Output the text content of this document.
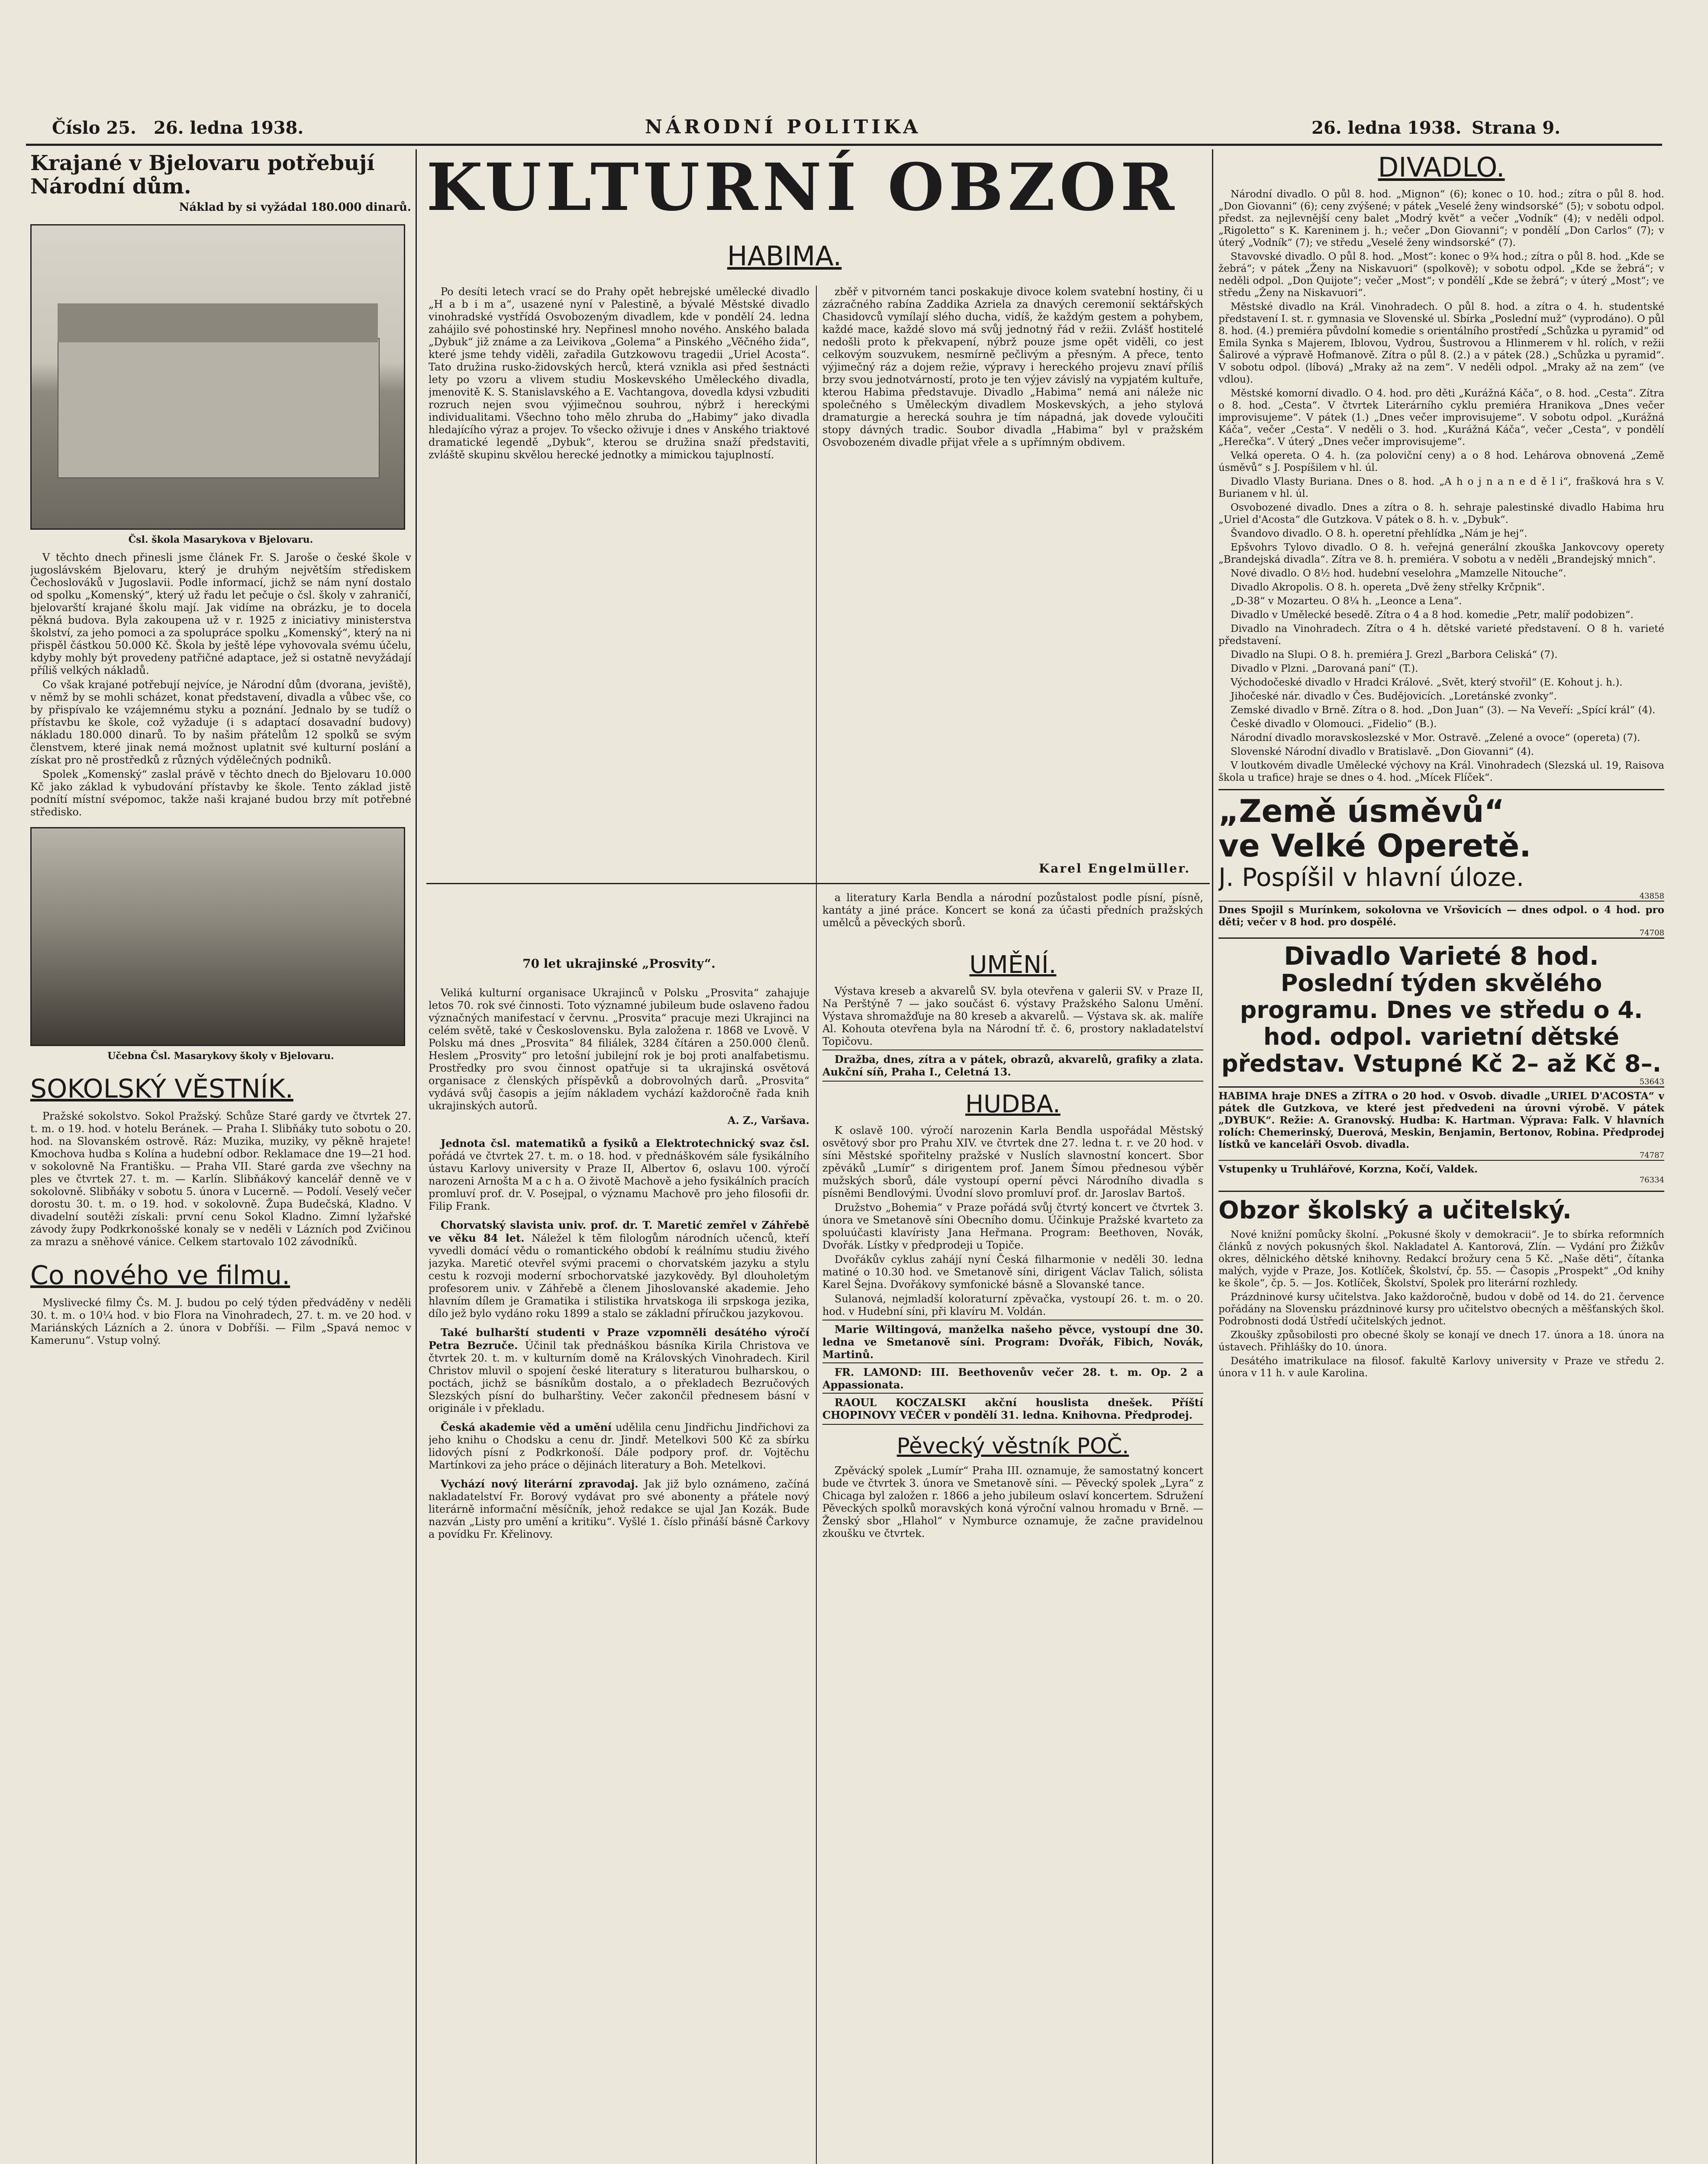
Číslo 25. 26. ledna 1938.	NÁRODNÍ POLITIKA	26. ledna 1938. Strana 9.
Krajané v Bjelovaru potřebují Národní dům.
Náklad by si vyžádal 180.000 dinarů.

Čsl. škola Masarykova v Bjelovaru.

V těchto dnech přinesli jsme článek Fr. S. Jaroše o české škole v jugoslávském Bjelovaru, který je druhým největším střediskem Čechoslováků v Jugoslavii. Podle informací, jichž se nám nyní dostalo od spolku „Komenský“, který už řadu let pečuje o čsl. školy v zahraničí, bjelovarští krajané školu mají. Jak vidíme na obrázku, je to docela pěkná budova. Byla zakoupena už v r. 1925 z iniciativy ministerstva školství, za jeho pomoci a za spolupráce spolku „Komenský“, který na ni přispěl částkou 50.000 Kč. Škola by ještě lépe vyhovovala svému účelu, kdyby mohly být provedeny patřičné adaptace, jež si ostatně nevyžádají příliš velkých nákladů.

Co však krajané potřebují nejvíce, je Národní dům (dvorana, jeviště), v němž by se mohli scházet, konat představení, divadla a vůbec vše, co by přispívalo ke vzájemnému styku a poznání. Jednalo by se tudíž o přístavbu ke škole, což vyžaduje (i s adaptací dosavadní budovy) nákladu 180.000 dinarů. To by našim přátelům 12 spolků se svým členstvem, které jinak nemá možnost uplatnit své kulturní poslání a získat pro ně prostředků z různých výdělečných podniků.

Spolek „Komenský“ zaslal právě v těchto dnech do Bjelovaru 10.000 Kč jako základ k vybudování přístavby ke škole. Tento základ jistě podnítí místní svépomoc, takže naši krajané budou brzy mít potřebné středisko.

Učebna Čsl. Masarykovy školy v Bjelovaru.

SOKOLSKÝ VĚSTNÍK.

Pražské sokolstvo. Sokol Pražský. Schůze Staré gardy ve čtvrtek 27. t. m. o 19. hod. v hotelu Beránek. — Praha I. Slibňáky tuto sobotu o 20. hod. na Slovanském ostrově. Ráz: Muzika, muziky, vy pěkně hrajete! Kmochova hudba s Kolína a hudební odbor. Reklamace dne 19—21 hod. v sokolovně Na Františku. — Praha VII. Staré garda zve všechny na ples ve čtvrtek 27. t. m. — Karlín. Slibňákový kancelář denně ve v sokolovně. Slibňáky v sobotu 5. února v Lucerně. — Podolí. Veselý večer dorostu 30. t. m. o 19. hod. v sokolovně. Župa Budečská, Kladno. V divadelní soutěži získali: první cenu Sokol Kladno. Zimní lyžařské závody župy Podkrkonošské konaly se v neděli v Lázních pod Zvičinou za mrazu a sněhové vánice. Celkem startovalo 102 závodníků.

Co nového ve filmu.

Myslivecké filmy Čs. M. J. budou po celý týden předváděny v neděli 30. t. m. o 10¼ hod. v bio Flora na Vinohradech, 27. t. m. ve 20 hod. v Mariánských Lázních a 2. února v Dobříši. — Film „Spavá nemoc v Kamerunu“. Vstup volný.

KULTURNÍ OBZOR
HABIMA.

Po desíti letech vrací se do Prahy opět hebrejské umělecké divadlo „H a b i m a“, usazené nyní v Palestině, a bývalé Městské divadlo vinohradské vystřídá Osvobozeným divadlem, kde v pondělí 24. ledna zahájilo své pohostinské hry. Nepřinesl mnoho nového. Anského balada „Dybuk“ již známe a za Leivikova „Golema“ a Pinského „Věčného žida“, které jsme tehdy viděli, zařadila Gutzkowovu tragedii „Uriel Acosta“. Tato družina rusko-židovských herců, která vznikla asi před šestnácti lety po vzoru a vlivem studiu Moskevského Uměleckého divadla, jmenovitě K. S. Stanislavského a E. Vachtangova, dovedla kdysi vzbuditi rozruch nejen svou výjimečnou souhrou, nýbrž i hereckými individualitami. Všechno toho mělo zhruba do „Habimy“ jako divadla hledajícího výraz a projev. To všecko oživuje i dnes v Anského triaktové dramatické legendě „Dybuk“, kterou se družina snaží představiti, zvláště skupinu skvělou herecké jednotky a mimickou tajuplností.

zběř v pitvorném tanci poskakuje divoce kolem svatební hostiny, či u zázračného rabína Zaddika Azriela za dnavých ceremonií sektářských Chasidovců vymílají slého ducha, vidíš, že každým gestem a pohybem, každé mace, každé slovo má svůj jednotný řád v režii. Zvlášť hostitelé nedošli proto k překvapení, nýbrž pouze jsme opět viděli, co jest celkovým souzvukem, nesmírně pečlivým a přesným. A přece, tento výjimečný ráz a dojem režie, výpravy i hereckého projevu znaví příliš brzy svou jednotvárností, proto je ten výjev závislý na vypjatém kultuře, kterou Habima představuje. Divadlo „Habima“ nemá ani náleže nic společného s Uměleckým divadlem Moskevských, a jeho stylová dramaturgie a herecká souhra je tím nápadná, jak dovede vyloučiti stopy dávných tradic. Soubor divadla „Habima“ byl v pražském Osvobozeném divadle přijat vřele a s upřímným obdivem.

Karel Engelmüller.
70 let ukrajinské „Prosvity“.

Veliká kulturní organisace Ukrajinců v Polsku „Prosvita“ zahajuje letos 70. rok své činnosti. Toto významné jubileum bude oslaveno řadou význačných manifestací v červnu. „Prosvita“ pracuje mezi Ukrajinci na celém světě, také v Československu. Byla založena r. 1868 ve Lvově. V Polsku má dnes „Prosvita“ 84 filiálek, 3284 čítáren a 250.000 členů. Heslem „Prosvity“ pro letošní jubilejní rok je boj proti analfabetismu. Prostředky pro svou činnost opatřuje si ta ukrajinská osvětová organisace z členských příspěvků a dobrovolných darů. „Prosvita“ vydává svůj časopis a jejím nákladem vychází každoročně řada knih ukrajinských autorů.

A. Z., Varšava.

Jednota čsl. matematiků a fysiků a Elektrotechnický svaz čsl. pořádá ve čtvrtek 27. t. m. o 18. hod. v přednáškovém sále fysikálního ústavu Karlovy university v Praze II, Albertov 6, oslavu 100. výročí narozeni Arnošta M a c h a. O životě Machově a jeho fysikálních pracích promluví prof. dr. V. Posejpal, o významu Machově pro jeho filosofii dr. Filip Frank.

Chorvatský slavista univ. prof. dr. T. Maretić zemřel v Záhřebě ve věku 84 let. Náležel k těm filologům národních učenců, kteří vyvedli domácí vědu o romantického období k reálnímu studiu živého jazyka. Maretić otevřel svými pracemi o chorvatském jazyku a stylu cestu k rozvoji moderní srbochorvatské jazykovědy. Byl dlouholetým profesorem univ. v Záhřebě a členem Jihoslovanské akademie. Jeho hlavním dílem je Gramatika i stilistika hrvatskoga ili srpskoga jezika, dílo jež bylo vydáno roku 1899 a stalo se základní příručkou jazykovou.

Také bulharští studenti v Praze vzpomněli desátého výročí Petra Bezruče. Účinil tak přednáškou básníka Kirila Christova ve čtvrtek 20. t. m. v kulturním domě na Královských Vinohradech. Kiril Christov mluvil o spojení české literatury s literaturou bulharskou, o poctách, jichž se básníkům dostalo, a o překladech Bezručových Slezských písní do bulharštiny. Večer zakončil přednesem básní v originále i v překladu.

Česká akademie věd a umění udělila cenu Jindřichu Jindřichovi za jeho knihu o Chodsku a cenu dr. Jindř. Metelkovi 500 Kč za sbírku lidových písní z Podkrkonoší. Dále podpory prof. dr. Vojtěchu Martínkovi za jeho práce o dějinách literatury a Boh. Metelkovi.

Vychází nový literární zpravodaj. Jak již bylo oznámeno, začíná nakladatelství Fr. Borový vydávat pro své abonenty a přátele nový literárně informační měsíčník, jehož redakce se ujal Jan Kozák. Bude nazván „Listy pro umění a kritiku“. Vyšlé 1. číslo přináší básně Čarkovy a povídku Fr. Křelinovy.

a literatury Karla Bendla a národní pozůstalost podle písní, písně, kantáty a jiné práce. Koncert se koná za účasti předních pražských umělců a pěveckých sborů.

UMĚNÍ.

Výstava kreseb a akvarelů SV. byla otevřena v galerii SV. v Praze II, Na Perštýně 7 — jako součást 6. výstavy Pražského Salonu Umění. Výstava shromažďuje na 80 kreseb a akvarelů. — Výstava sk. ak. malíře Al. Kohouta otevřena byla na Národní tř. č. 6, prostory nakladatelství Topičovu.

Dražba, dnes, zítra a v pátek, obrazů, akvarelů, grafiky a zlata. Aukční síň, Praha I., Celetná 13.

HUDBA.

K oslavě 100. výročí narozenin Karla Bendla uspořádal Městský osvětový sbor pro Prahu XIV. ve čtvrtek dne 27. ledna t. r. ve 20 hod. v síni Městské spořitelny pražské v Nuslích slavnostní koncert. Sbor zpěváků „Lumír“ s dirigentem prof. Janem Šímou přednesou výběr mužských sborů, dále vystoupí operní pěvci Národního divadla s písněmi Bendlovými. Úvodní slovo promluví prof. dr. Jaroslav Bartoš.

Družstvo „Bohemia“ v Praze pořádá svůj čtvrtý koncert ve čtvrtek 3. února ve Smetanově síni Obecního domu. Účinkuje Pražské kvarteto za spoluúčasti klavíristy Jana Heřmana. Program: Beethoven, Novák, Dvořák. Lístky v předprodeji u Topiče.

Dvořákův cyklus zahájí nyní Česká filharmonie v neděli 30. ledna matiné o 10.30 hod. ve Smetanově síni, dirigent Václav Talich, sólista Karel Šejna. Dvořákovy symfonické básně a Slovanské tance.

Sulanová, nejmladší koloraturní zpěvačka, vystoupí 26. t. m. o 20. hod. v Hudební síni, při klavíru M. Voldán.

Marie Wiltingová, manželka našeho pěvce, vystoupí dne 30. ledna ve Smetanově síni. Program: Dvořák, Fibich, Novák, Martinů.

FR. LAMOND: III. Beethovenův večer 28. t. m. Op. 2 a Appassionata.

RAOUL KOCZALSKI akční houslista dnešek. Příští CHOPINOVY VEČER v pondělí 31. ledna. Knihovna. Předprodej.

Pěvecký věstník POČ.

Zpěvácký spolek „Lumír“ Praha III. oznamuje, že samostatný koncert bude ve čtvrtek 3. února ve Smetanově síni. — Pěvecký spolek „Lyra“ z Chicaga byl založen r. 1866 a jeho jubileum oslaví koncertem. Sdružení Pěveckých spolků moravských koná výroční valnou hromadu v Brně. — Ženský sbor „Hlahol“ v Nymburce oznamuje, že začne pravidelnou zkoušku ve čtvrtek.

DIVADLO.

Národní divadlo. O půl 8. hod. „Mignon“ (6); konec o 10. hod.; zítra o půl 8. hod. „Don Giovanni“ (6); ceny zvýšené; v pátek „Veselé ženy windsorské“ (5); v sobotu odpol. předst. za nejlevnější ceny balet „Modrý květ“ a večer „Vodník“ (4); v neděli odpol. „Rigoletto“ s K. Kareninem j. h.; večer „Don Giovanni“; v pondělí „Don Carlos“ (7); v úterý „Vodník“ (7); ve středu „Veselé ženy windsorské“ (7).

Stavovské divadlo. O půl 8. hod. „Most“: konec o 9¾ hod.; zítra o půl 8. hod. „Kde se žebrá“; v pátek „Ženy na Niskavuori“ (spolkově); v sobotu odpol. „Kde se žebrá“; v neděli odpol. „Don Quijote“; večer „Most“; v pondělí „Kde se žebrá“; v úterý „Most“; ve středu „Ženy na Niskavuori“.

Městské divadlo na Král. Vinohradech. O půl 8. hod. a zítra o 4. h. studentské představení I. st. r. gymnasia ve Slovenské ul. Sbírka „Poslední muž“ (vyprodáno). O půl 8. hod. (4.) premiéra půvdolní komedie s orientálního prostředí „Schůzka u pyramid“ od Emila Synka s Majerem, Iblovou, Vydrou, Šustrovou a Hlinmerem v hl. rolích, v režii Šalirové a výpravě Hofmanově. Zítra o půl 8. (2.) a v pátek (28.) „Schůzka u pyramid“. V sobotu odpol. (líbová) „Mraky až na zem“. V neděli odpol. „Mraky až na zem“ (ve vdlou).

Městské komorní divadlo. O 4. hod. pro děti „Kurážná Káča“, o 8. hod. „Cesta“. Zítra o 8. hod. „Cesta“. V čtvrtek Literárního cyklu premiéra Hranikova „Dnes večer improvisujeme“. V pátek (1.) „Dnes večer improvisujeme“. V sobotu odpol. „Kurážná Káča“, večer „Cesta“. V neděli o 3. hod. „Kurážná Káča“, večer „Cesta“, v pondělí „Herečka“. V úterý „Dnes večer improvisujeme“.

Velká opereta. O 4. h. (za poloviční ceny) a o 8 hod. Lehárova obnovená „Země úsměvů“ s J. Pospíšilem v hl. úl.

Divadlo Vlasty Buriana. Dnes o 8. hod. „A h o j n a n e d ě l i“, frašková hra s V. Burianem v hl. úl.

Osvobozené divadlo. Dnes a zítra o 8. h. sehraje palestinské divadlo Habima hru „Uriel d'Acosta“ dle Gutzkova. V pátek o 8. h. v. „Dybuk“.

Švandovo divadlo. O 8. h. operetní přehlídka „Nám je hej“.

Epšvohrs Tylovo divadlo. O 8. h. veřejná generální zkouška Jankovcovy operety „Brandejská divadla“. Zítra ve 8. h. premiéra. V sobotu a v neděli „Brandejský mnich“.

Nové divadlo. O 8½ hod. hudební veselohra „Mamzelle Nitouche“.

Divadlo Akropolis. O 8. h. opereta „Dvě ženy střelky Krčpnik“.

„D-38“ v Mozarteu. O 8¼ h. „Leonce a Lena“.

Divadlo v Umělecké besedě. Zítra o 4 a 8 hod. komedie „Petr, malíř podobizen“.

Divadlo na Vinohradech. Zítra o 4 h. dětské varieté představení. O 8 h. varieté představení.

Divadlo na Slupi. O 8. h. premiéra J. Grezl „Barbora Celiská“ (7).

Divadlo v Plzni. „Darovaná paní“ (T.).

Východočeské divadlo v Hradci Králové. „Svět, který stvořil“ (E. Kohout j. h.).

Jihočeské nár. divadlo v Čes. Budějovicích. „Loretánské zvonky“.

Zemské divadlo v Brně. Zítra o 8. hod. „Don Juan“ (3). — Na Veveří: „Spící král“ (4).

České divadlo v Olomouci. „Fidelio“ (B.).

Národní divadlo moravskoslezské v Mor. Ostravě. „Zelené a ovoce“ (opereta) (7).

Slovenské Národní divadlo v Bratislavě. „Don Giovanni“ (4).

V loutkovém divadle Umělecké výchovy na Král. Vinohradech (Slezská ul. 19, Raisova škola u trafice) hraje se dnes o 4. hod. „Mícek Flíček“.

„Země úsměvů“
ve Velké Operetě.
J. Pospíšil v hlavní úloze.
43858
Dnes Spojil s Murínkem, sokolovna ve Vršovicích — dnes odpol. o 4 hod. pro děti; večer v 8 hod. pro dospělé.
74708
Divadlo Varieté 8 hod.
Poslední týden skvělého programu. Dnes ve středu o 4. hod. odpol. varietní dětské představ. Vstupné Kč 2– až Kč 8–.
53643
HABIMA hraje DNES a ZÍTRA o 20 hod. v Osvob. divadle „URIEL D'ACOSTA“ v pátek dle Gutzkova, ve které jest předvedeni na úrovni výrobě. V pátek „DYBUK“. Režie: A. Granovský. Hudba: K. Hartman. Výprava: Falk. V hlavních rolích: Chemerinský, Duerová, Meskin, Benjamin, Bertonov, Robina. Předprodej lístků ve kanceláři Osvob. divadla.
74787
Vstupenky u Truhlářové, Korzna, Kočí, Valdek.
76334
Obzor školský a učitelský.

Nové knižní pomůcky školní. „Pokusné školy v demokracii“. Je to sbírka reformních článků z nových pokusných škol. Nakladatel A. Kantorová, Zlín. — Vydání pro Žižkův okres, dělnického dětské knihovny. Redakcí brožury cena 5 Kč. „Naše děti“, čítanka malých, vyjde v Praze, Jos. Kotlíček, Školství, čp. 55. — Časopis „Prospekt“ „Od knihy ke škole“, čp. 5. — Jos. Kotlíček, Školství, Spolek pro literární rozhledy.

Prázdninové kursy učitelstva. Jako každoročně, budou v době od 14. do 21. července pořádány na Slovensku prázdninové kursy pro učitelstvo obecných a měšťanských škol. Podrobnosti dodá Ústředí učitelských jednot.

Zkoušky způsobilosti pro obecné školy se konají ve dnech 17. února a 18. února na ústavech. Přihlášky do 10. února.

Desátého imatrikulace na filosof. fakultě Karlovy university v Praze ve středu 2. února v 11 h. v aule Karolina.
